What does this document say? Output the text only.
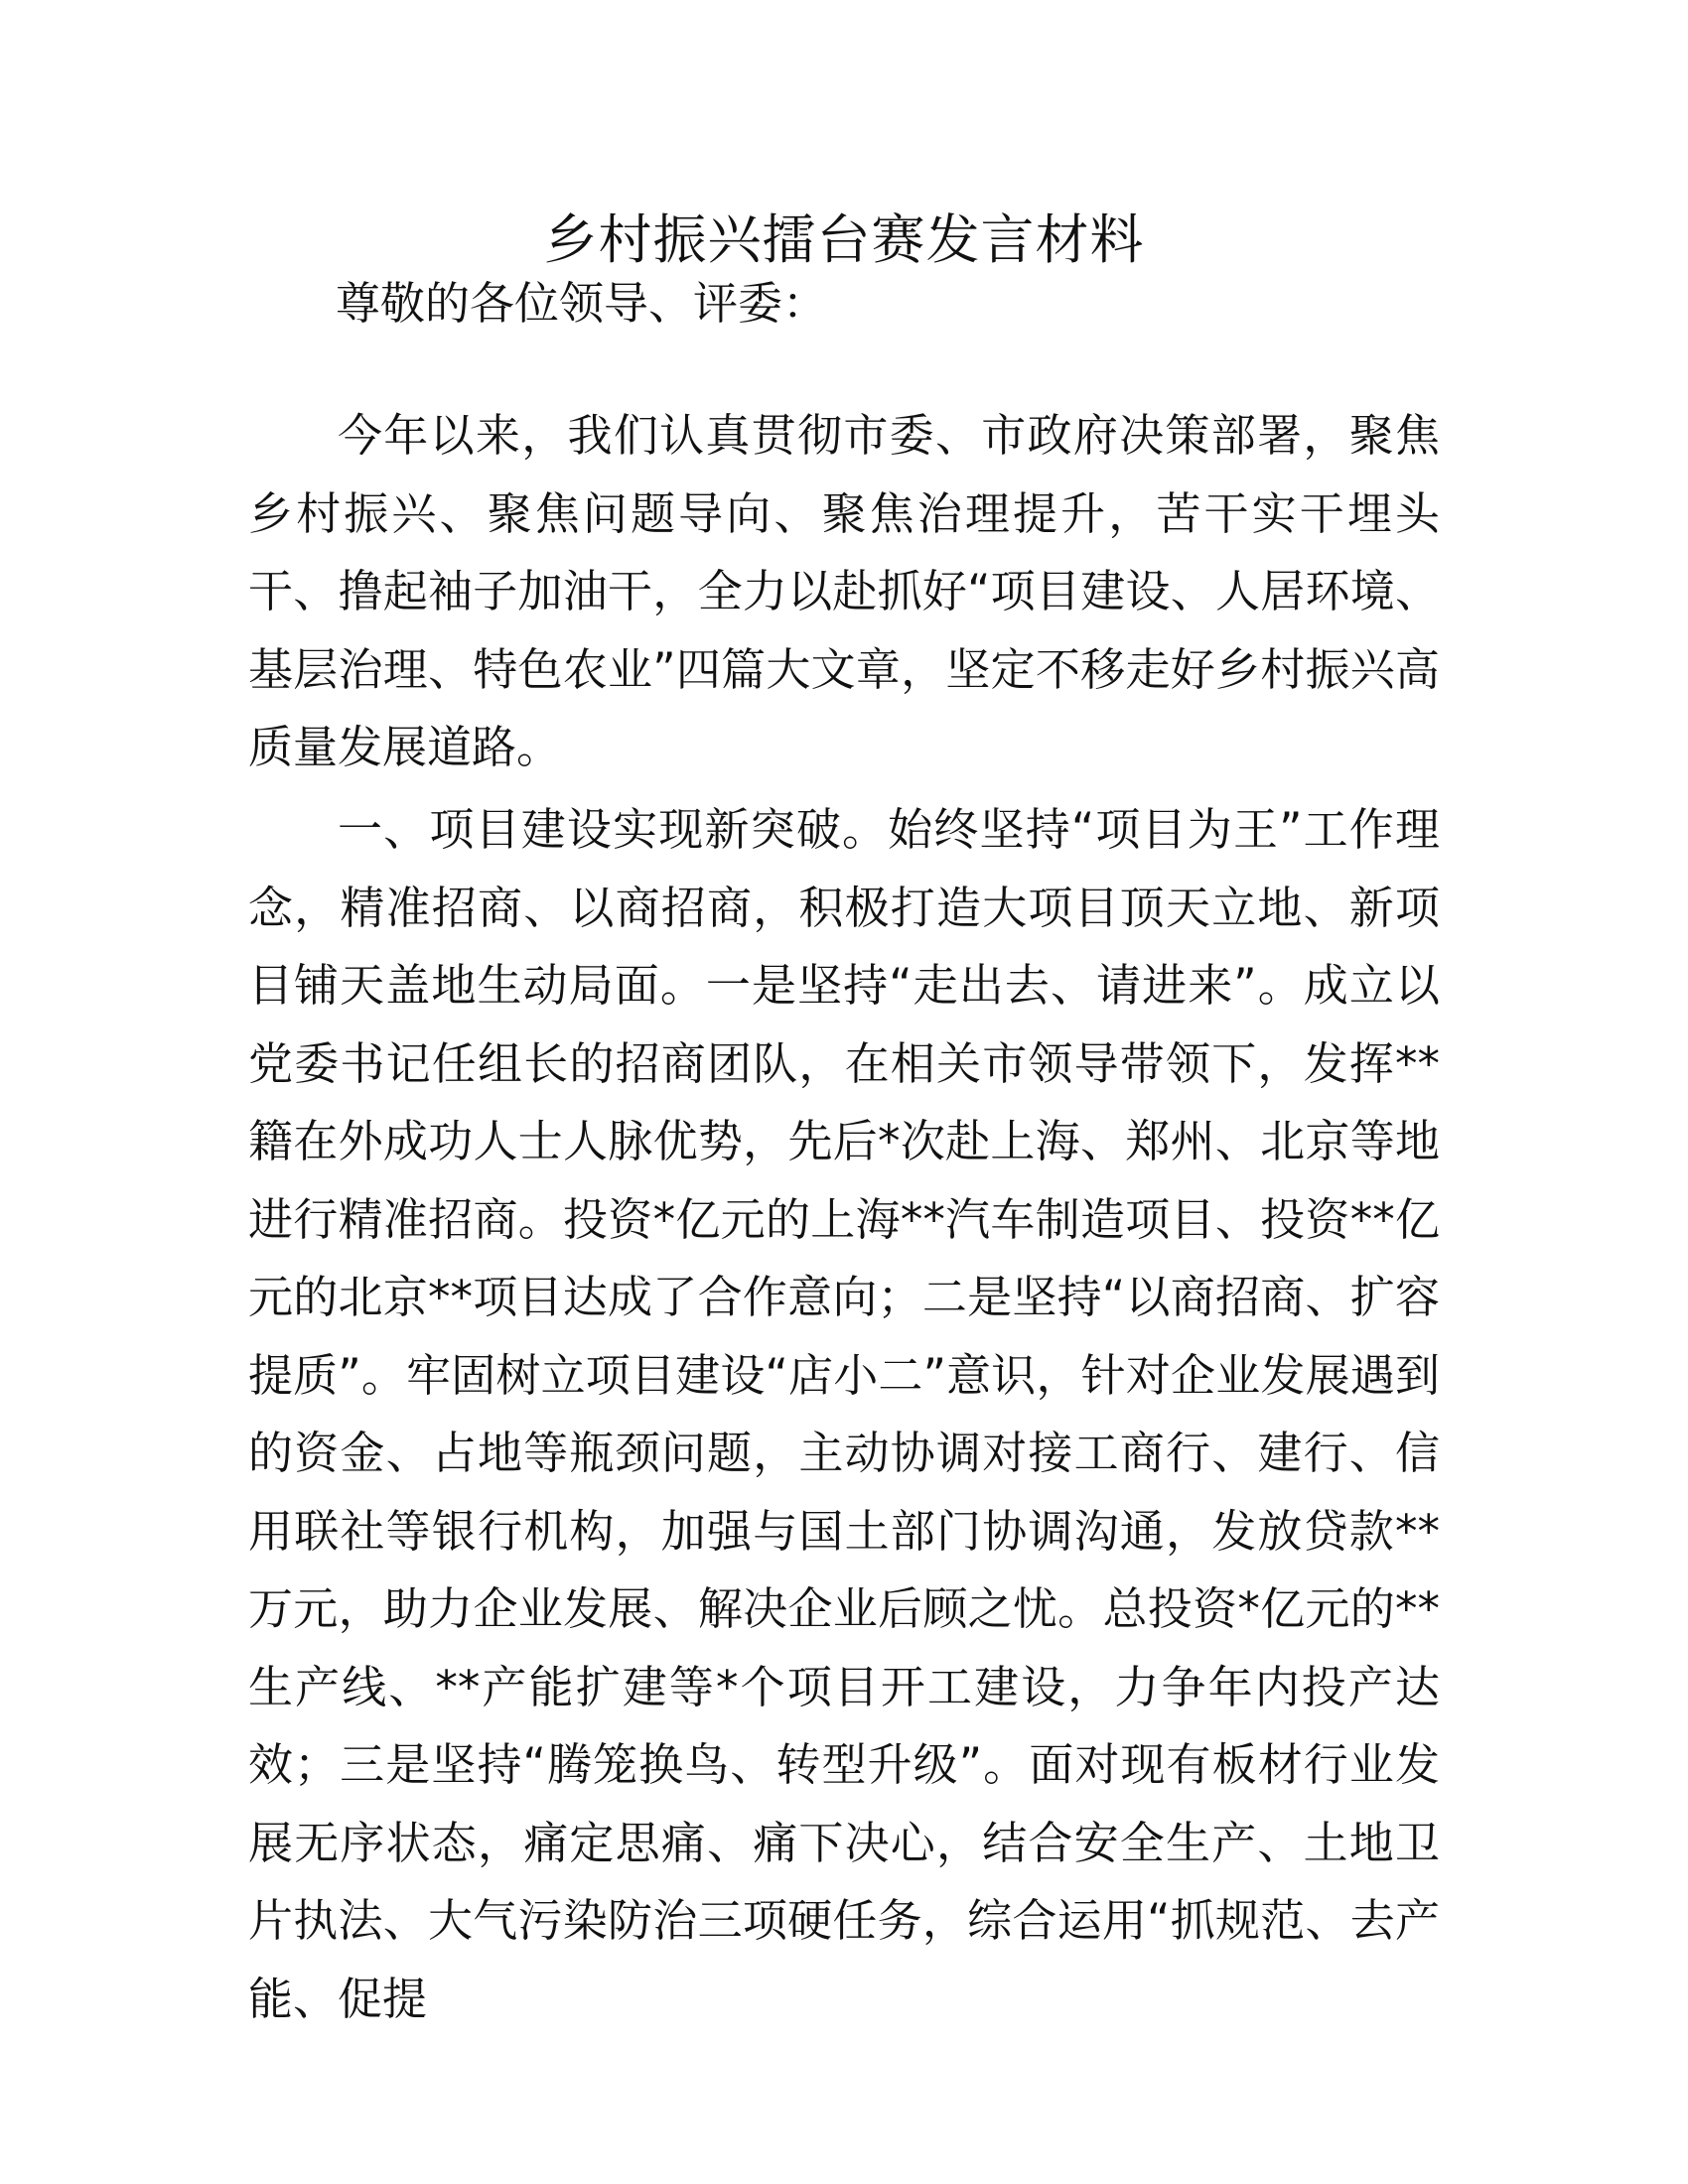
乡村振兴擂台赛发言材料

尊敬的各位领导、评委：

今年以来，我们认真贯彻市委、市政府决策部署，聚焦乡村振兴、聚焦问题导向、聚焦治理提升，苦干实干埋头干、撸起袖子加油干，全力以赴抓好“项目建设、人居环境、基层治理、特色农业”四篇大文章，坚定不移走好乡村振兴高质量发展道路。

一、项目建设实现新突破。始终坚持“项目为王”工作理念，精准招商、以商招商，积极打造大项目顶天立地、新项目铺天盖地生动局面。一是坚持“走出去、请进来”。成立以党委书记任组长的招商团队，在相关市领导带领下，发挥**籍在外成功人士人脉优势，先后*次赴上海、郑州、北京等地进行精准招商。投资*亿元的上海**汽车制造项目、投资**亿元的北京**项目达成了合作意向；二是坚持“以商招商、扩容提质”。牢固树立项目建设“店小二”意识，针对企业发展遇到的资金、占地等瓶颈问题，主动协调对接工商行、建行、信用联社等银行机构，加强与国土部门协调沟通，发放贷款**万元，助力企业发展、解决企业后顾之忧。总投资*亿元的**生产线、**产能扩建等*个项目开工建设，力争年内投产达效；三是坚持“腾笼换鸟、转型升级”。面对现有板材行业发展无序状态，痛定思痛、痛下决心，结合安全生产、土地卫片执法、大气污染防治三项硬任务，综合运用“抓规范、去产能、促提
